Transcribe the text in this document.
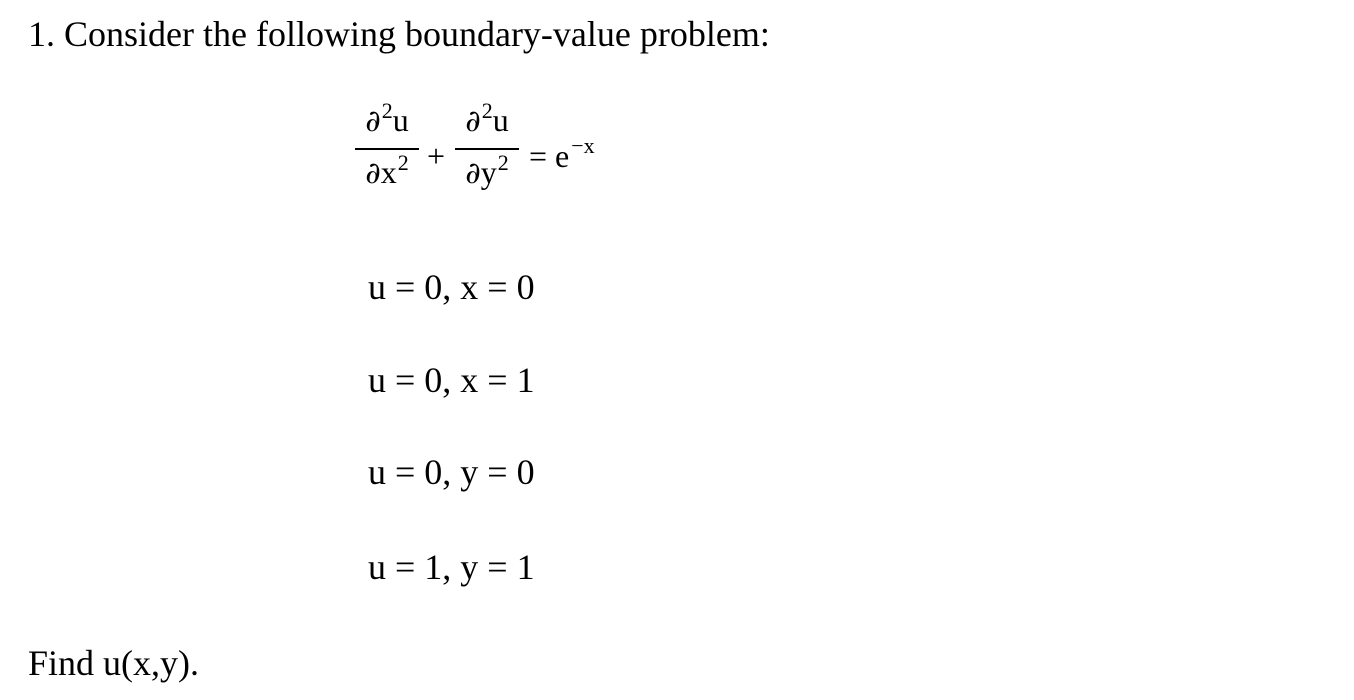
1. Consider the following boundary-value problem:
∂$^2$u
$\partial x^2$ +
∂$^2$u
$\partial y^2 = e^{-x}$
u = 0, x = 0
u = 0, x = 1
u = 0, y = 0
u = 1, y = 1
Find u(x,y).
